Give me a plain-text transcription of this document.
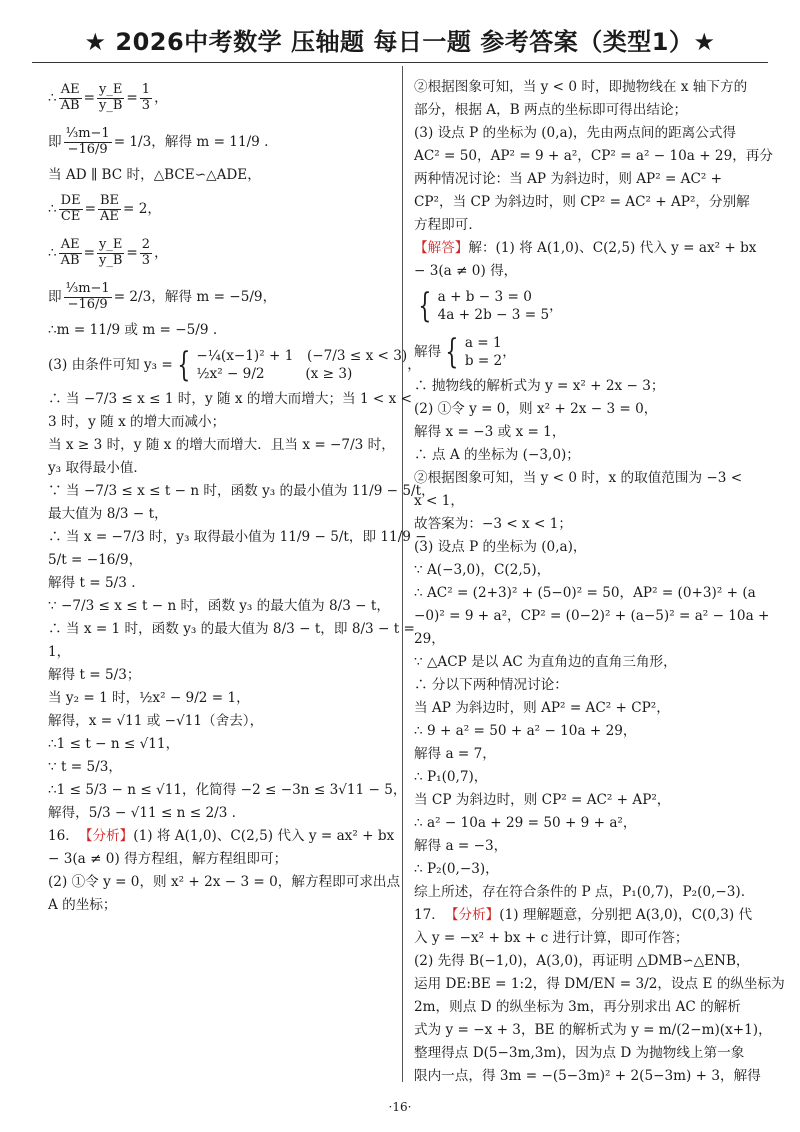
★ 2026中考数学 压轴题 每日一题 参考答案（类型1）★
∴ $\frac{AE}{AB} = \frac{y\_E}{y\_B} = \frac{1}{3}$ ，
即 $\frac{\text{⅓m−1}}{-16/9} = 1/3$，解得 m = 11/9 .
当 AD ∥ BC 时，△BCE∽△ADE，
∴ $\frac{DE}{CE} = \frac{BE}{AE} = 2$，
∴ $\frac{AE}{AB} = \frac{y\_E}{y\_B} = \frac{2}{3}$ ，
即 $\frac{\text{⅓m−1}}{-16/9} = 2/3$，解得 m = −5/9，
∴m = 11/9 或 m = −5/9 .
(3) 由条件可知 y₃ = { −¼(x−1)² + 1　(−7/3 ≤ x < 3)
½x² − 9/2　　　(x ≥ 3)
，
∴ 当 −7/3 ≤ x ≤ 1 时，y 随 x 的增大而增大；当 1 < x <
3 时，y 随 x 的增大而减小；
当 x ≥ 3 时，y 随 x 的增大而增大．且当 x = −7/3 时，
y₃ 取得最小值．
∵ 当 −7/3 ≤ x ≤ t − n 时，函数 y₃ 的最小值为 11/9 − 5/t，
最大值为 8/3 − t，
∴ 当 x = −7/3 时，y₃ 取得最小值为 11/9 − 5/t，即 11/9 −
5/t = −16/9，
解得 t = 5/3 .
∵ −7/3 ≤ x ≤ t − n 时，函数 y₃ 的最大值为 8/3 − t，
∴ 当 x = 1 时，函数 y₃ 的最大值为 8/3 − t，即 8/3 − t =
1，
解得 t = 5/3；
当 y₂ = 1 时，½x² − 9/2 = 1，
解得，x = √11 或 −√11（舍去），
∴1 ≤ t − n ≤ √11，
∵ t = 5/3，
∴1 ≤ 5/3 − n ≤ √11，化简得 −2 ≤ −3n ≤ 3√11 − 5，
解得，5/3 − √11 ≤ n ≤ 2/3 .
16． 【分析】 (1) 将 A(1,0)、C(2,5) 代入 y = ax² + bx
− 3(a ≠ 0) 得方程组，解方程组即可；
(2) ①令 y = 0，则 x² + 2x − 3 = 0，解方程即可求出点
A 的坐标；
②根据图象可知，当 y < 0 时，即抛物线在 x 轴下方的
部分，根据 A，B 两点的坐标即可得出结论；
(3) 设点 P 的坐标为 (0,a)，先由两点间的距离公式得
AC² = 50，AP² = 9 + a²，CP² = a² − 10a + 29，再分
两种情况讨论：当 AP 为斜边时，则 AP² = AC² +
CP²，当 CP 为斜边时，则 CP² = AC² + AP²，分别解
方程即可．
【解答】 解：(1) 将 A(1,0)、C(2,5) 代入 y = ax² + bx
− 3(a ≠ 0) 得，
{ a + b − 3 = 0
4a + 2b − 3 = 5
，
解得 { a = 1
b = 2
，
∴ 抛物线的解析式为 y = x² + 2x − 3；
(2) ①令 y = 0，则 x² + 2x − 3 = 0，
解得 x = −3 或 x = 1，
∴ 点 A 的坐标为 (−3,0)；
②根据图象可知，当 y < 0 时，x 的取值范围为 −3 <
x < 1，
故答案为：−3 < x < 1；
(3) 设点 P 的坐标为 (0,a)，
∵ A(−3,0)，C(2,5)，
∴ AC² = (2+3)² + (5−0)² = 50，AP² = (0+3)² + (a
−0)² = 9 + a²，CP² = (0−2)² + (a−5)² = a² − 10a +
29，
∵ △ACP 是以 AC 为直角边的直角三角形，
∴ 分以下两种情况讨论：
当 AP 为斜边时，则 AP² = AC² + CP²，
∴ 9 + a² = 50 + a² − 10a + 29，
解得 a = 7，
∴ P₁(0,7)，
当 CP 为斜边时，则 CP² = AC² + AP²，
∴ a² − 10a + 29 = 50 + 9 + a²，
解得 a = −3，
∴ P₂(0,−3)，
综上所述，存在符合条件的 P 点，P₁(0,7)，P₂(0,−3).
17． 【分析】 (1) 理解题意，分别把 A(3,0)，C(0,3) 代
入 y = −x² + bx + c 进行计算，即可作答；
(2) 先得 B(−1,0)，A(3,0)，再证明 △DMB∽△ENB，
运用 DE:BE = 1:2，得 DM/EN = 3/2，设点 E 的纵坐标为
2m，则点 D 的纵坐标为 3m，再分别求出 AC 的解析
式为 y = −x + 3，BE 的解析式为 y = m/(2−m)(x+1)，
整理得点 D(5−3m,3m)，因为点 D 为抛物线上第一象
限内一点，得 3m = −(5−3m)² + 2(5−3m) + 3，解得
·16·
